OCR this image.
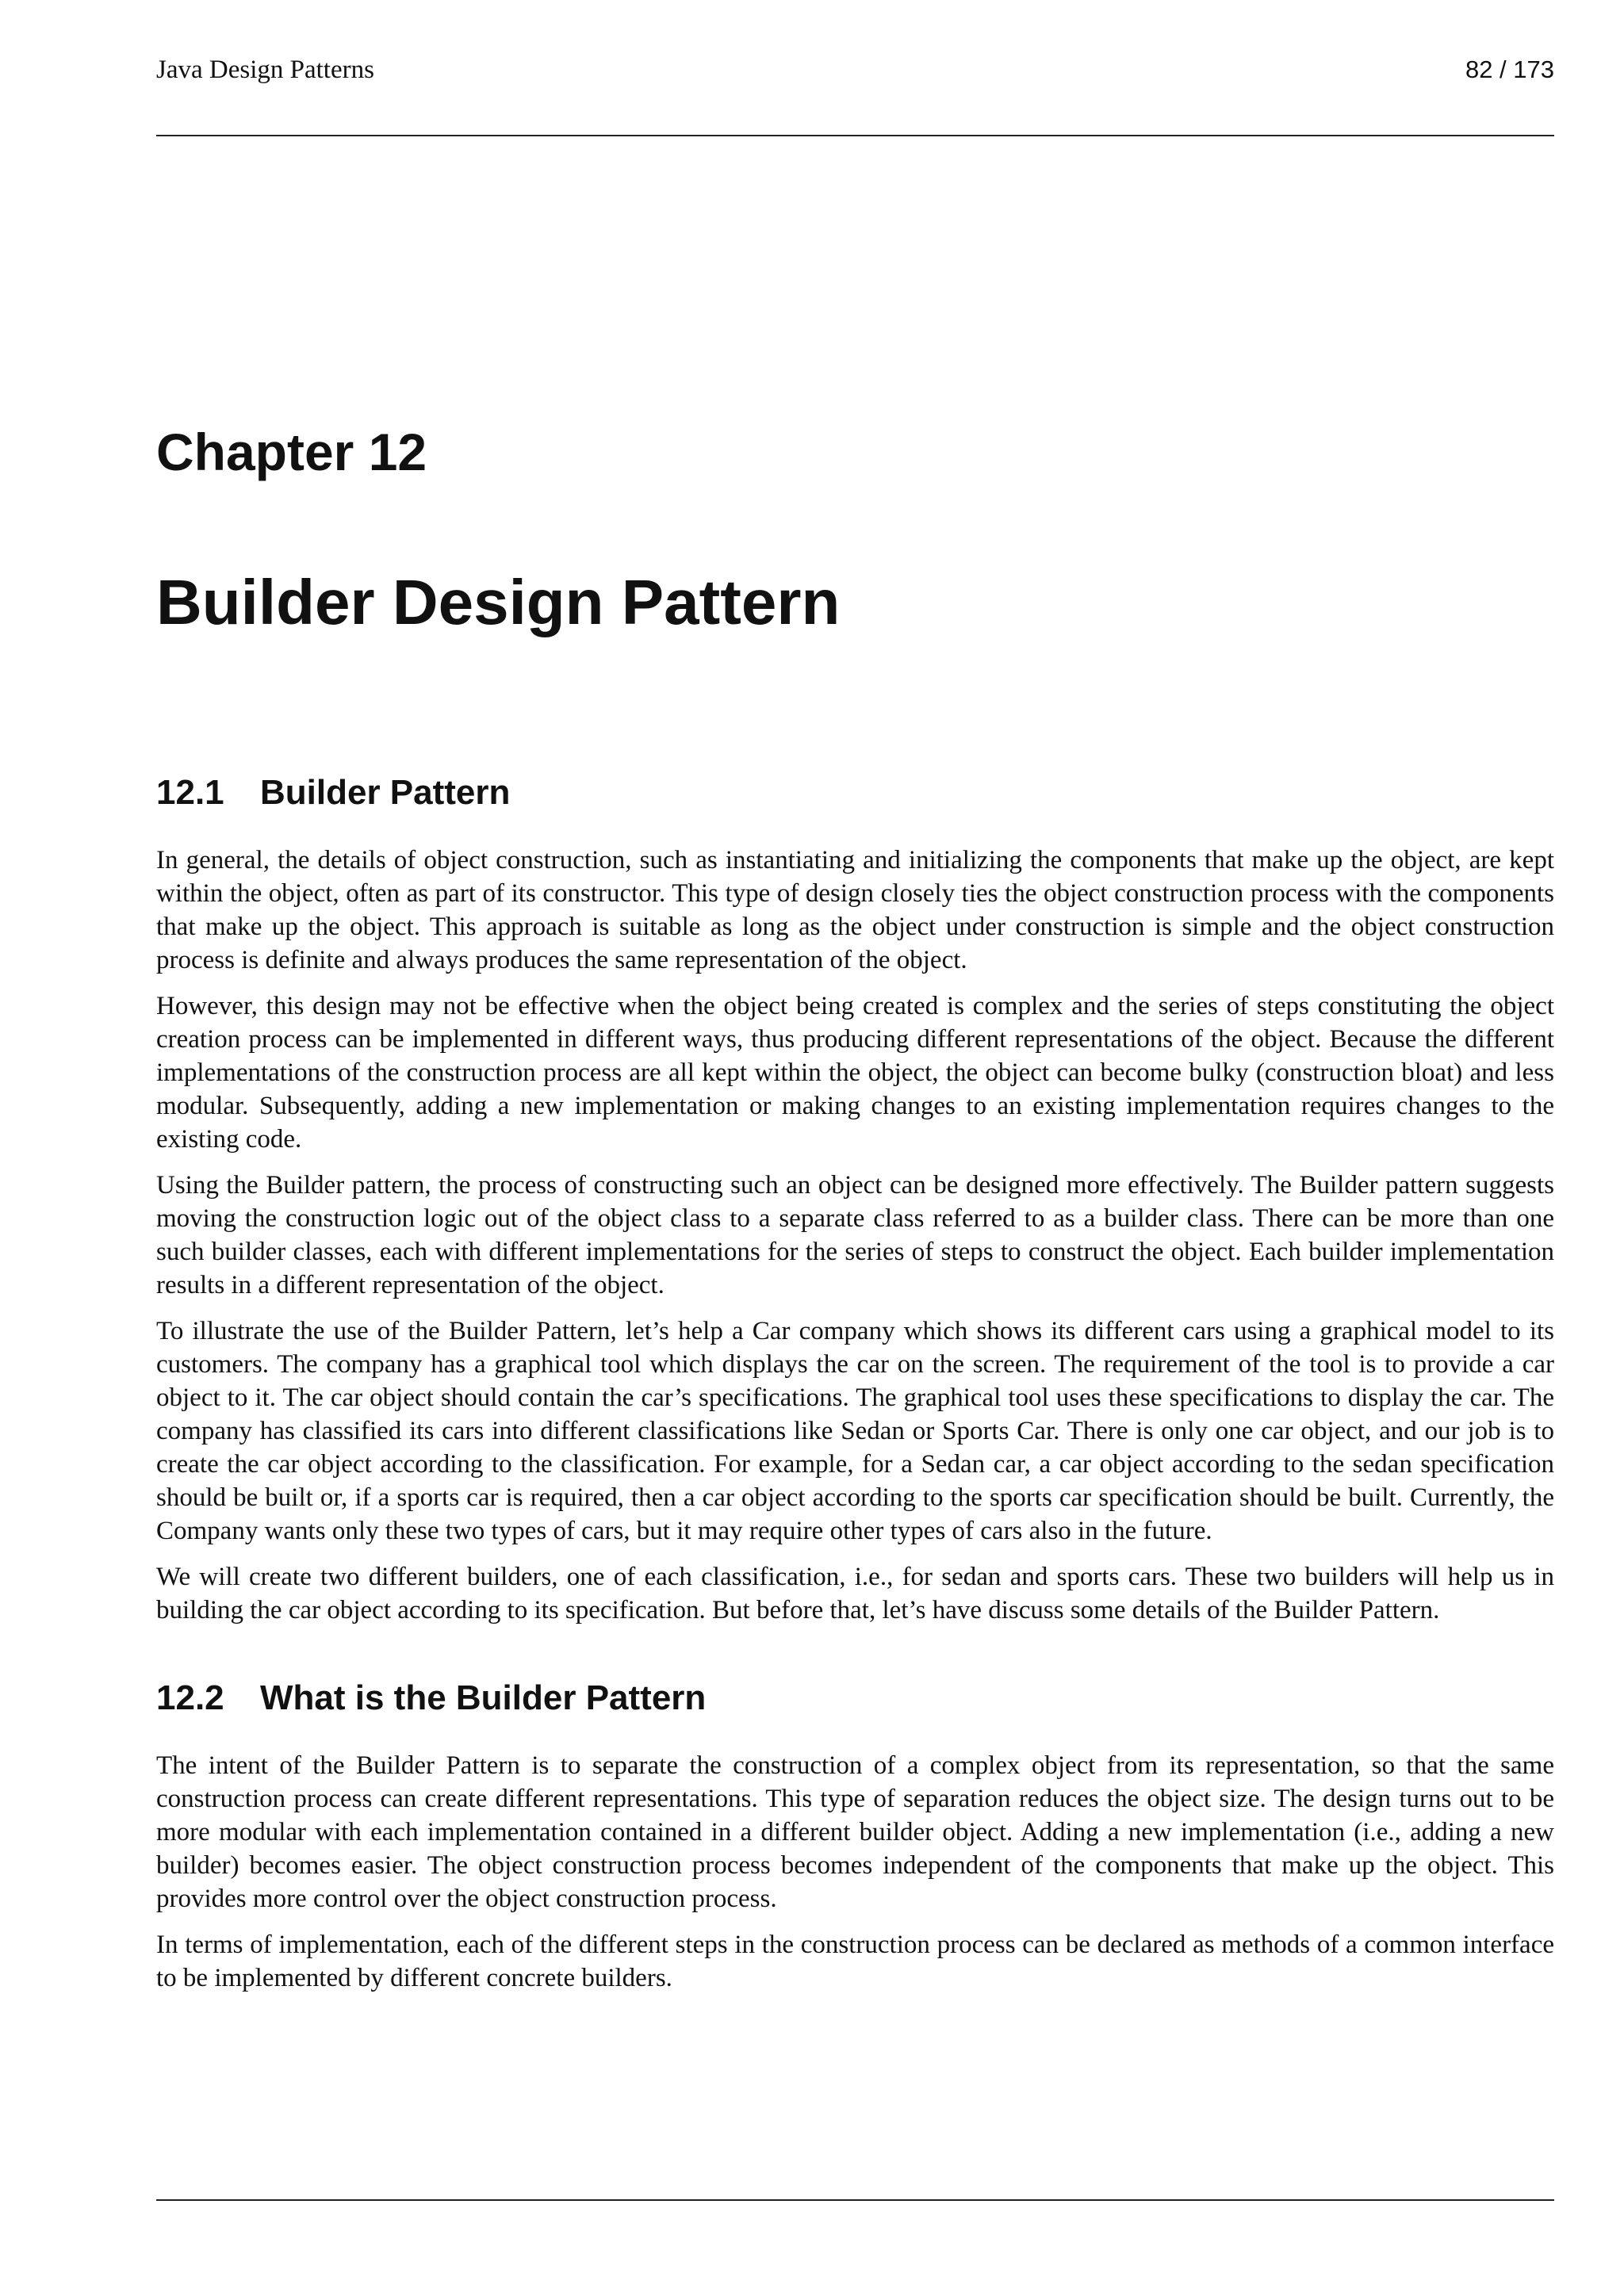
Java Design Patterns	82 / 173
Chapter 12
Builder Design Pattern
12.1 Builder Pattern

In general, the details of object construction, such as instantiating and initializing the components that make up the object, are kept within the object, often as part of its constructor. This type of design closely ties the object construction process with the components that make up the object. This approach is suitable as long as the object under construction is simple and the object construction process is definite and always produces the same representation of the object.

However, this design may not be effective when the object being created is complex and the series of steps constituting the object creation process can be implemented in different ways, thus producing different representations of the object. Because the different implementations of the construction process are all kept within the object, the object can become bulky (construction bloat) and less modular. Subsequently, adding a new implementation or making changes to an existing implementation requires changes to the existing code.

Using the Builder pattern, the process of constructing such an object can be designed more effectively. The Builder pattern suggests moving the construction logic out of the object class to a separate class referred to as a builder class. There can be more than one such builder classes, each with different implementations for the series of steps to construct the object. Each builder implementation results in a different representation of the object.

To illustrate the use of the Builder Pattern, let’s help a Car company which shows its different cars using a graphical model to its customers. The company has a graphical tool which displays the car on the screen. The requirement of the tool is to provide a car object to it. The car object should contain the car’s specifications. The graphical tool uses these specifications to display the car. The company has classified its cars into different classifications like Sedan or Sports Car. There is only one car object, and our job is to create the car object according to the classification. For example, for a Sedan car, a car object according to the sedan specification should be built or, if a sports car is required, then a car object according to the sports car specification should be built. Currently, the Company wants only these two types of cars, but it may require other types of cars also in the future.

We will create two different builders, one of each classification, i.e., for sedan and sports cars. These two builders will help us in building the car object according to its specification. But before that, let’s have discuss some details of the Builder Pattern.

12.2 What is the Builder Pattern

The intent of the Builder Pattern is to separate the construction of a complex object from its representation, so that the same construction process can create different representations. This type of separation reduces the object size. The design turns out to be more modular with each implementation contained in a different builder object. Adding a new implementation (i.e., adding a new builder) becomes easier. The object construction process becomes independent of the components that make up the object. This provides more control over the object construction process.

In terms of implementation, each of the different steps in the construction process can be declared as methods of a common interface to be implemented by different concrete builders.
